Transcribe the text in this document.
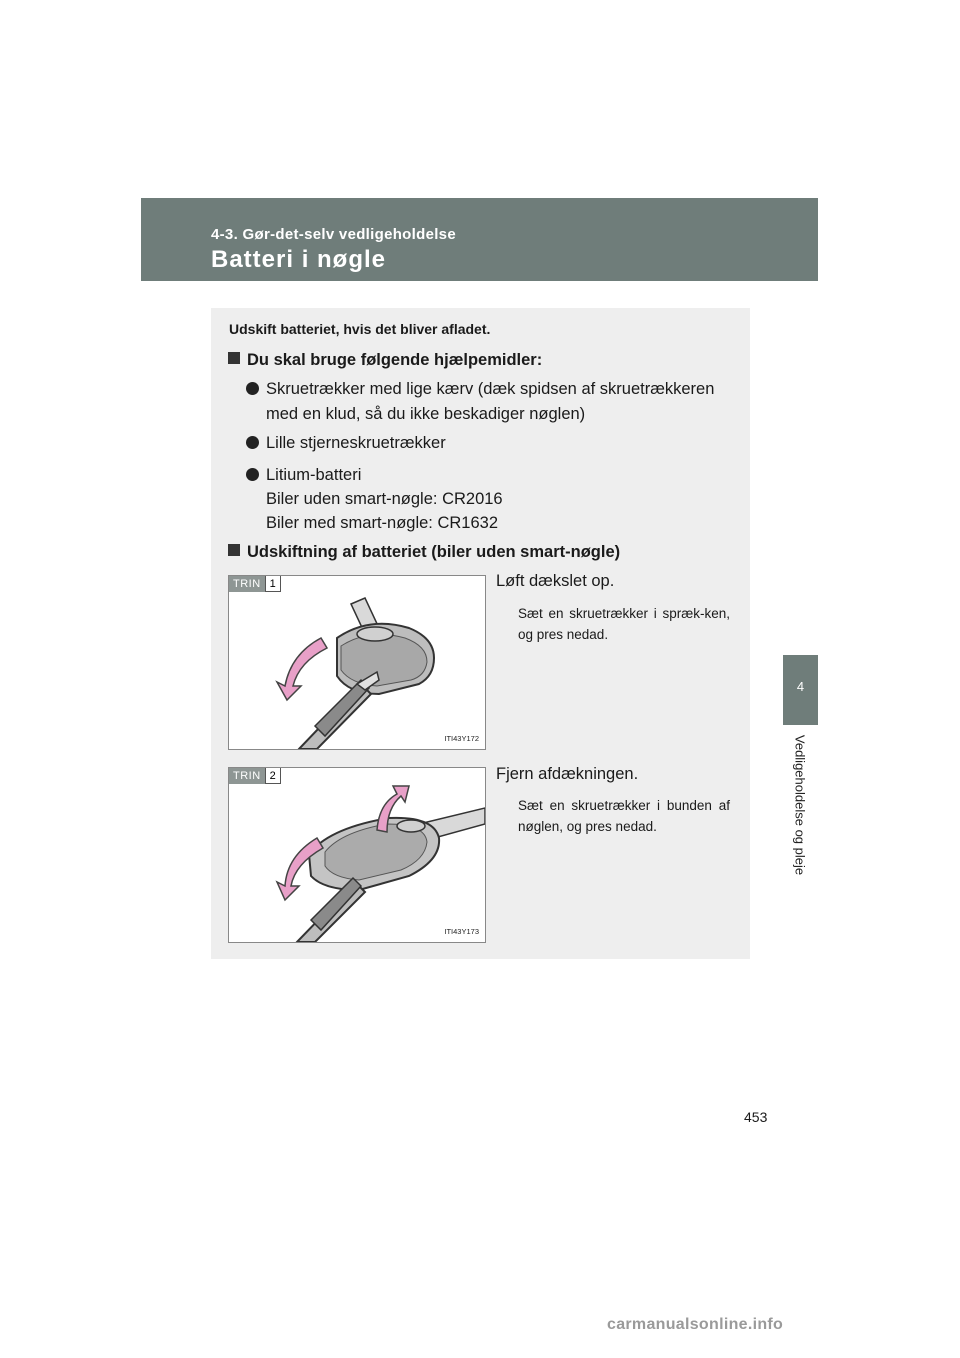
4-3. Gør-det-selv vedligeholdelse
Batteri i nøgle
4
Vedligeholdelse og pleje
Udskift batteriet, hvis det bliver afladet.
Du skal bruge følgende hjælpemidler:
Skruetrækker med lige kærv (dæk spidsen af skruetrækkeren
med en klud, så du ikke beskadiger nøglen)
Lille stjerneskruetrækker
Litium-batteri
Biler uden smart-nøgle: CR2016
Biler med smart-nøgle: CR1632
Udskiftning af batteriet (biler uden smart-nøgle)
TRIN 1
ITI43Y172
Løft dækslet op.
Sæt en skruetrækker i spræk-ken, og pres nedad.
TRIN 2
ITI43Y173
Fjern afdækningen.
Sæt en skruetrækker i bunden af nøglen, og pres nedad.
453
carmanualsonline.info
